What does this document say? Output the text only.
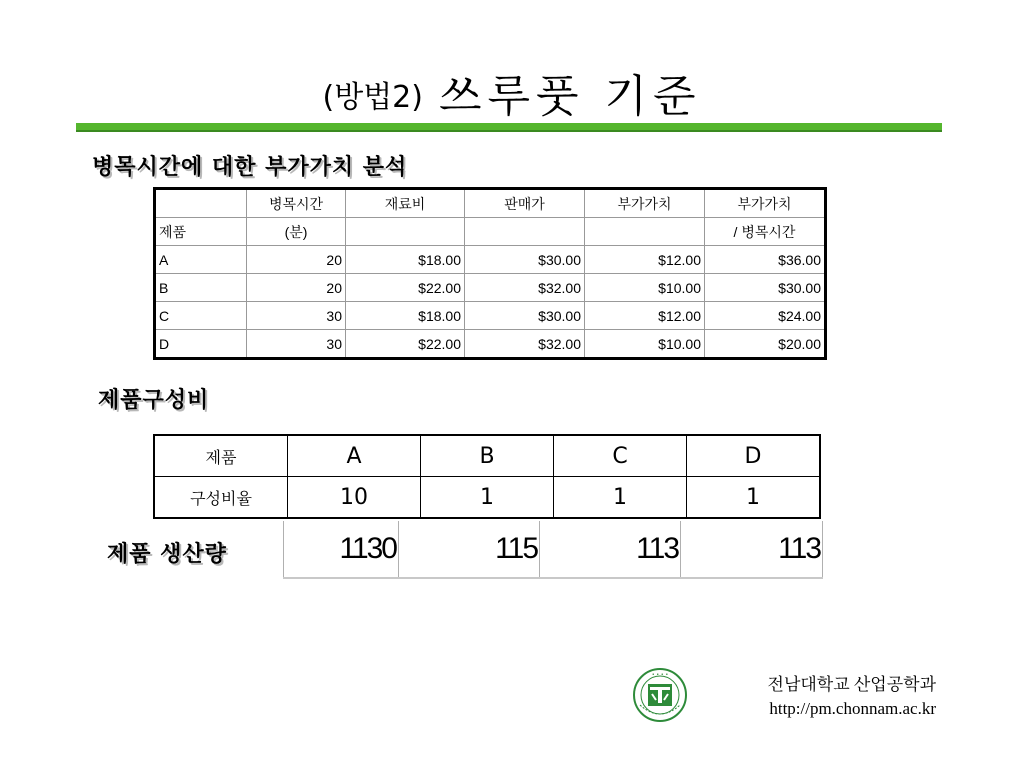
(방법2) 쓰루풋 기준
병목시간에 대한 부가가치 분석
	병목시간	재료비	판매가	부가가치	부가가치
제품	(분)				/ 병목시간
A	20	$18.00	$30.00	$12.00	$36.00
B	20	$22.00	$32.00	$10.00	$30.00
C	30	$18.00	$30.00	$12.00	$24.00
D	30	$22.00	$32.00	$10.00	$20.00
제품구성비
제품	A	B	C	D
구성비율	10	1	1	1
제품 생산량	1130	115	113	113
• • • •	전남대학교 산업공학과
http://pm.chonnam.ac.kr
